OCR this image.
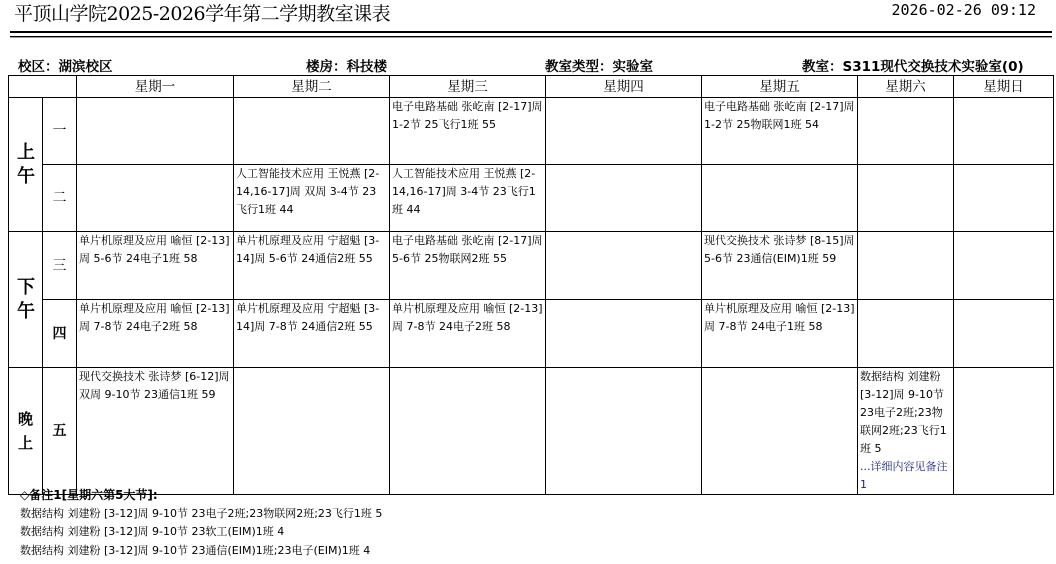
平顶山学院2025-2026学年第二学期教室课表	2026-02-26 09:12
校区：湖滨校区	楼房：科技楼	教室类型：实验室	教室：S311现代交换技术实验室(0)
		星期一	星期二	星期三	星期四	星期五	星期六	星期日
上午	一			电子电路基础 张屹南 [2-17]周 1-2节 25飞行1班 55		电子电路基础 张屹南 [2-17]周 1-2节 25物联网1班 54		
	二		人工智能技术应用 王悦燕 [2-14,16-17]周 双周 3-4节 23飞行1班 44	人工智能技术应用 王悦燕 [2-14,16-17]周 3-4节 23飞行1班 44				
下午	三	单片机原理及应用 喻恒 [2-13]周 5-6节 24电子1班 58	单片机原理及应用 宁超魁 [3-14]周 5-6节 24通信2班 55	电子电路基础 张屹南 [2-17]周 5-6节 25物联网2班 55		现代交换技术 张诗梦 [8-15]周 5-6节 23通信(EIM)1班 59		
	四	单片机原理及应用 喻恒 [2-13]周 7-8节 24电子2班 58	单片机原理及应用 宁超魁 [3-14]周 7-8节 24通信2班 55	单片机原理及应用 喻恒 [2-13]周 7-8节 24电子2班 58		单片机原理及应用 喻恒 [2-13]周 7-8节 24电子1班 58		
晚上	五	现代交换技术 张诗梦 [6-12]周 双周 9-10节 23通信1班 59					数据结构 刘建粉 [3-12]周 9-10节 23电子2班;23物联网2班;23飞行1班 5
...详细内容见备注1	
◇备注1[星期六第5大节]:
数据结构 刘建粉 [3-12]周 9-10节 23电子2班;23物联网2班;23飞行1班 5
数据结构 刘建粉 [3-12]周 9-10节 23软工(EIM)1班 4
数据结构 刘建粉 [3-12]周 9-10节 23通信(EIM)1班;23电子(EIM)1班 4
